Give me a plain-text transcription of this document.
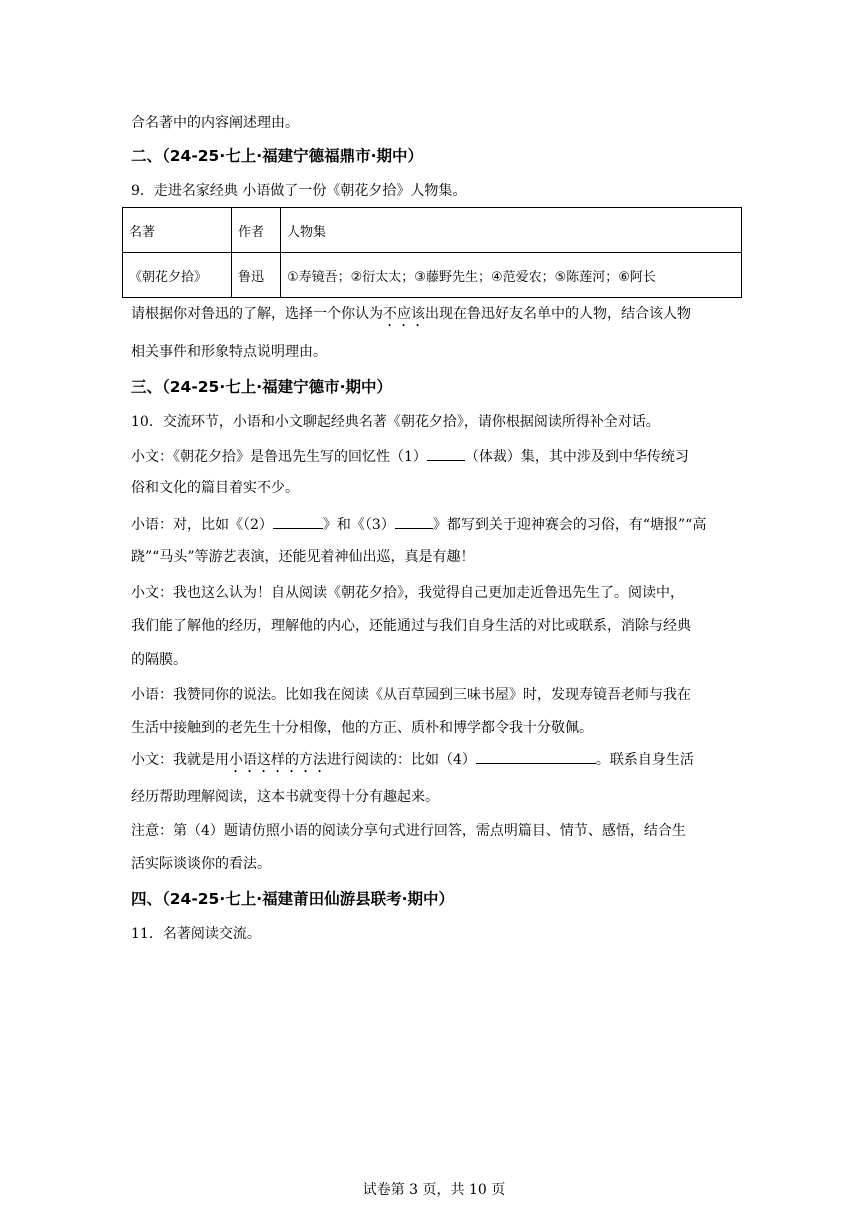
合名著中的内容阐述理由。
二、（24-25·七上·福建宁德福鼎市·期中）
9．走进名家经典 小语做了一份《朝花夕拾》人物集。
名著	作者	人物集
《朝花夕拾》	鲁迅	①寿镜吾；②衍太太；③藤野先生；④范爱农；⑤陈莲河；⑥阿长
请根据你对鲁迅的了解，选择一个你认为不应该出现在鲁迅好友名单中的人物，结合该人物
相关事件和形象特点说明理由。
三、（24-25·七上·福建宁德市·期中）
10．交流环节，小语和小文聊起经典名著《朝花夕拾》，请你根据阅读所得补全对话。
小文：《朝花夕拾》是鲁迅先生写的回忆性（1）	（体裁）集，其中涉及到中华传统习
俗和文化的篇目着实不少。
小语：对，比如《（2）	》和《（3）	》都写到关于迎神赛会的习俗，有“塘报”“高
跷”“马头”等游艺表演，还能见着神仙出巡，真是有趣！
小文：我也这么认为！自从阅读《朝花夕拾》，我觉得自己更加走近鲁迅先生了。阅读中，
我们能了解他的经历，理解他的内心，还能通过与我们自身生活的对比或联系，消除与经典
的隔膜。
小语：我赞同你的说法。比如我在阅读《从百草园到三味书屋》时，发现寿镜吾老师与我在
生活中接触到的老先生十分相像，他的方正、质朴和博学都令我十分敬佩。
小文：我就是用小语这样的方法进行阅读的：比如（4）	。联系自身生活
经历帮助理解阅读，这本书就变得十分有趣起来。
注意：第（4）题请仿照小语的阅读分享句式进行回答，需点明篇目、情节、感悟，结合生
活实际谈谈你的看法。
四、（24-25·七上·福建莆田仙游县联考·期中）
11．名著阅读交流。
试卷第 3 页，共 10 页
